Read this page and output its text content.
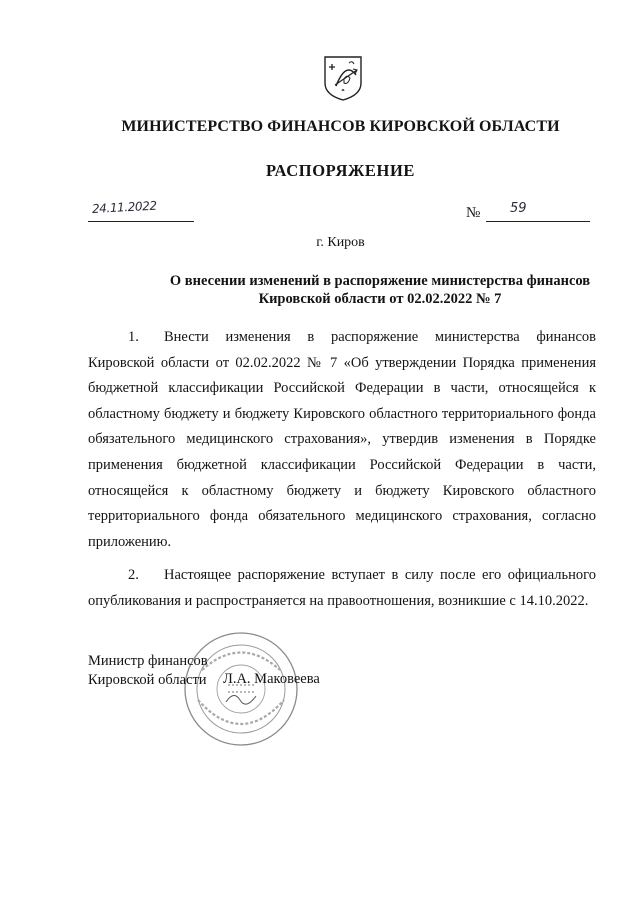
МИНИСТЕРСТВО ФИНАНСОВ КИРОВСКОЙ ОБЛАСТИ
РАСПОРЯЖЕНИЕ
24.11.2022	№ 59
г. Киров
О внесении изменений в распоряжение министерства финансов
Кировской области от 02.02.2022 № 7
1. Внести изменения в распоряжение министерства финансов Кировской области от 02.02.2022 № 7 «Об утверждении Порядка применения бюджетной классификации Российской Федерации в части, относящейся к областному бюджету и бюджету Кировского областного территориального фонда обязательного медицинского страхования», утвердив изменения в Порядке применения бюджетной классификации Российской Федерации в части, относящейся к областному бюджету и бюджету Кировского областного территориального фонда обязательного медицинского страхования, согласно приложению.
2. Настоящее распоряжение вступает в силу после его официального опубликования и распространяется на правоотношения, возникшие с 14.10.2022.
Министр финансов
Кировской области Л.А. Маковеева
